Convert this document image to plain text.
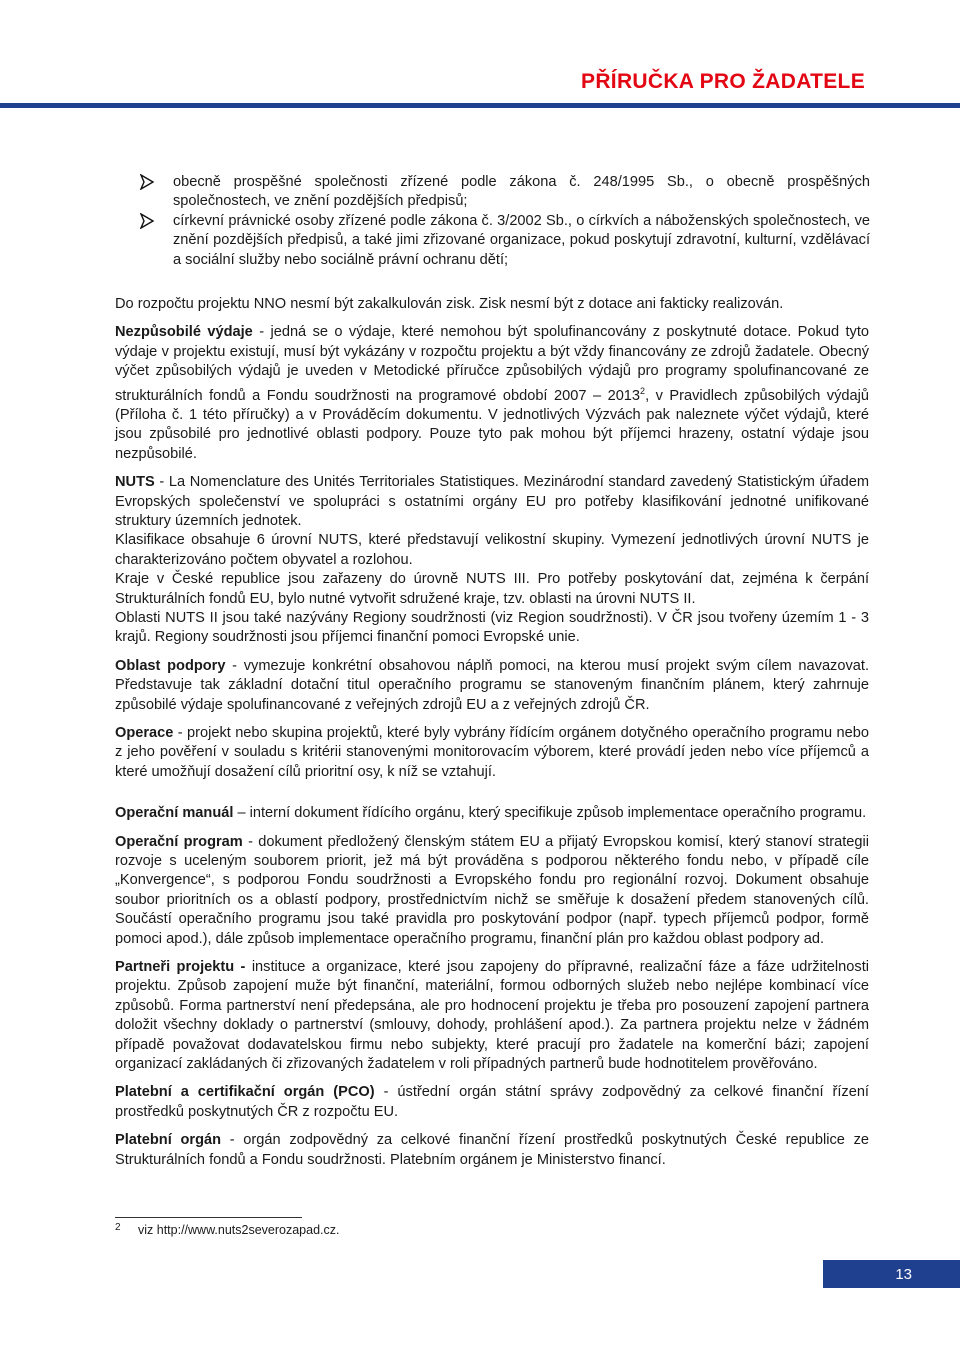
PŘÍRUČKA PRO ŽADATELE
obecně prospěšné společnosti zřízené podle zákona č. 248/1995 Sb., o obecně prospěšných společnostech, ve znění pozdějších předpisů;
církevní právnické osoby zřízené podle zákona č. 3/2002 Sb., o církvích a náboženských společnostech, ve znění pozdějších předpisů, a také jimi zřizované organizace, pokud poskytují zdravotní, kulturní, vzdělávací a sociální služby nebo sociálně právní ochranu dětí;

Do rozpočtu projektu NNO nesmí být zakalkulován zisk. Zisk nesmí být z dotace ani fakticky realizován.

Nezpůsobilé výdaje - jedná se o výdaje, které nemohou být spolufinancovány z poskytnuté dotace. Pokud tyto výdaje v projektu existují, musí být vykázány v rozpočtu projektu a být vždy financovány ze zdrojů žadatele. Obecný výčet způsobilých výdajů je uveden v Metodické příručce způsobilých výdajů pro programy spolufinancované ze strukturálních fondů a Fondu soudržnosti na programové období 2007 – 2013$^2$, v Pravidlech způsobilých výdajů (Příloha č. 1 této příručky) a v Prováděcím dokumentu. V jednotlivých Výzvách pak naleznete výčet výdajů, které jsou způsobilé pro jednotlivé oblasti podpory. Pouze tyto pak mohou být příjemci hrazeny, ostatní výdaje jsou nezpůsobilé.

NUTS - La Nomenclature des Unités Territoriales Statistiques. Mezinárodní standard zavedený Statistickým úřadem Evropských společenství ve spolupráci s ostatními orgány EU pro potřeby klasifikování jednotné unifikované struktury územních jednotek.

Klasifikace obsahuje 6 úrovní NUTS, které představují velikostní skupiny. Vymezení jednotlivých úrovní NUTS je charakterizováno počtem obyvatel a rozlohou.

Kraje v České republice jsou zařazeny do úrovně NUTS III. Pro potřeby poskytování dat, zejména k čerpání Strukturálních fondů EU, bylo nutné vytvořit sdružené kraje, tzv. oblasti na úrovni NUTS II.

Oblasti NUTS II jsou také nazývány Regiony soudržnosti (viz Region soudržnosti). V ČR jsou tvořeny územím 1 - 3 krajů. Regiony soudržnosti jsou příjemci finanční pomoci Evropské unie.

Oblast podpory - vymezuje konkrétní obsahovou náplň pomoci, na kterou musí projekt svým cílem navazovat. Představuje tak základní dotační titul operačního programu se stanoveným finančním plánem, který zahrnuje způsobilé výdaje spolufinancované z veřejných zdrojů EU a z veřejných zdrojů ČR.

Operace - projekt nebo skupina projektů, které byly vybrány řídícím orgánem dotyčného operačního programu nebo z jeho pověření v souladu s kritérii stanovenými monitorovacím výborem, které provádí jeden nebo více příjemců a které umožňují dosažení cílů prioritní osy, k níž se vztahují.

Operační manuál – interní dokument řídícího orgánu, který specifikuje způsob implementace operačního programu.

Operační program - dokument předložený členským státem EU a přijatý Evropskou komisí, který stanoví strategii rozvoje s uceleným souborem priorit, jež má být prováděna s podporou některého fondu nebo, v případě cíle „Konvergence“, s podporou Fondu soudržnosti a Evropského fondu pro regionální rozvoj. Dokument obsahuje soubor prioritních os a oblastí podpory, prostřednictvím nichž se směřuje k dosažení předem stanovených cílů. Součástí operačního programu jsou také pravidla pro poskytování podpor (např. typech příjemců podpor, formě pomoci apod.), dále způsob implementace operačního programu, finanční plán pro každou oblast podpory ad.

Partneři projektu - instituce a organizace, které jsou zapojeny do přípravné, realizační fáze a fáze udržitelnosti projektu. Způsob zapojení muže být finanční, materiální, formou odborných služeb nebo nejlépe kombinací více způsobů. Forma partnerství není předepsána, ale pro hodnocení projektu je třeba pro posouzení zapojení partnera doložit všechny doklady o partnerství (smlouvy, dohody, prohlášení apod.). Za partnera projektu nelze v žádném případě považovat dodavatelskou firmu nebo subjekty, které pracují pro žadatele na komerční bázi; zapojení organizací zakládaných či zřizovaných žadatelem v roli případných partnerů bude hodnotitelem prověřováno.

Platební a certifikační orgán (PCO) - ústřední orgán státní správy zodpovědný za celkové finanční řízení prostředků poskytnutých ČR z rozpočtu EU.

Platební orgán - orgán zodpovědný za celkové finanční řízení prostředků poskytnutých České republice ze Strukturálních fondů a Fondu soudržnosti. Platebním orgánem je Ministerstvo financí.

2	viz http://www.nuts2severozapad.cz.
13
